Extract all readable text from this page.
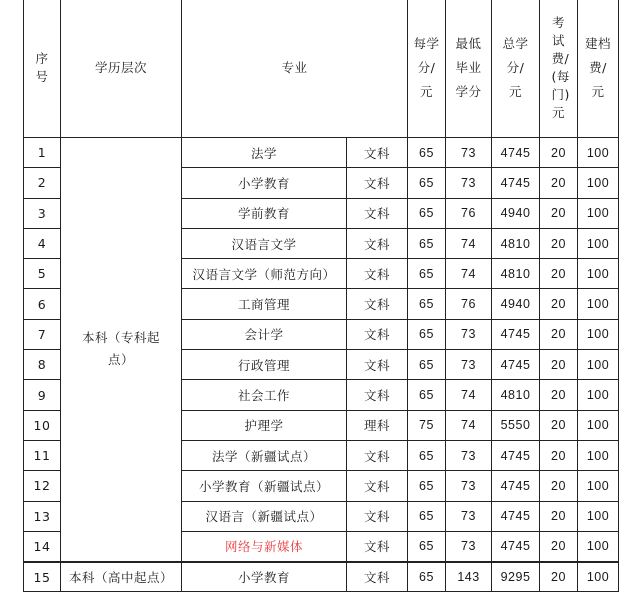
序号	学历层次	专业		每学分/元	最低毕业学分	总学分/元	考试费/(每门)元	建档费/元
1	本科（专科起点）	法学	文科	65	73	4745	20	100
2		小学教育	文科	65	73	4745	20	100
3		学前教育	文科	65	76	4940	20	100
4		汉语言文学	文科	65	74	4810	20	100
5		汉语言文学（师范方向）	文科	65	74	4810	20	100
6		工商管理	文科	65	76	4940	20	100
7		会计学	文科	65	73	4745	20	100
8		行政管理	文科	65	73	4745	20	100
9		社会工作	文科	65	74	4810	20	100
10		护理学	理科	75	74	5550	20	100
11		法学（新疆试点）	文科	65	73	4745	20	100
12		小学教育（新疆试点）	文科	65	73	4745	20	100
13		汉语言（新疆试点）	文科	65	73	4745	20	100
14		网络与新媒体	文科	65	73	4745	20	100
15	本科（高中起点）	小学教育	文科	65	143	9295	20	100
